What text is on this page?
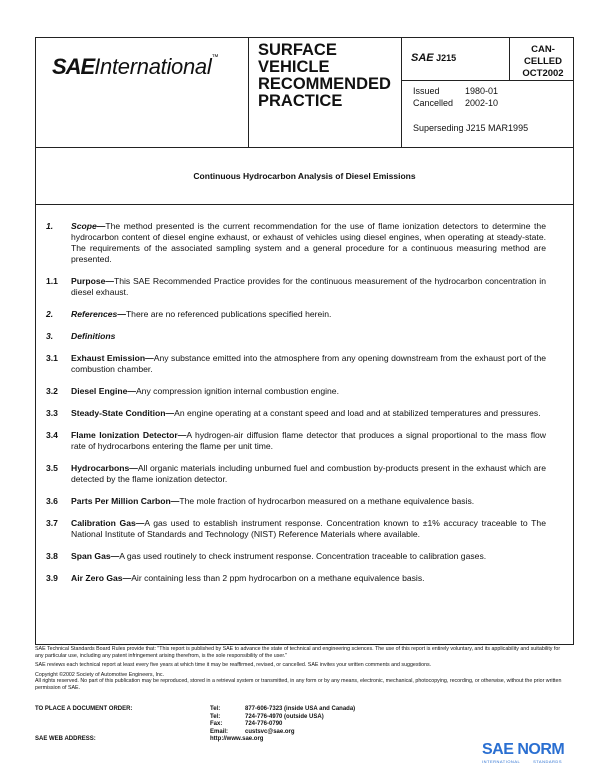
SAEInternational™ SURFACE
VEHICLE
RECOMMENDED
PRACTICE
SAE J215
CAN-
CELLED
OCT2002
Issued	1980-01
Cancelled	2002-10
Superseding J215 MAR1995
Continuous Hydrocarbon Analysis of Diesel Emissions
1. Scope—The method presented is the current recommendation for the use of flame ionization detectors to determine the hydrocarbon content of diesel engine exhaust, or exhaust of vehicles using diesel engines, when operating at steady-state. The requirements of the associated sampling system and a general procedure for a continuous measuring method are presented.
1.1 Purpose—This SAE Recommended Practice provides for the continuous measurement of the hydrocarbon concentration in diesel exhaust.
2. References—There are no referenced publications specified herein.
3. Definitions
3.1 Exhaust Emission—Any substance emitted into the atmosphere from any opening downstream from the exhaust port of the combustion chamber.
3.2 Diesel Engine—Any compression ignition internal combustion engine.
3.3 Steady-State Condition—An engine operating at a constant speed and load and at stabilized temperatures and pressures.
3.4 Flame Ionization Detector—A hydrogen-air diffusion flame detector that produces a signal proportional to the mass flow rate of hydrocarbons entering the flame per unit time.
3.5 Hydrocarbons—All organic materials including unburned fuel and combustion by-products present in the exhaust which are detected by the flame ionization detector.
3.6 Parts Per Million Carbon—The mole fraction of hydrocarbon measured on a methane equivalence basis.
3.7 Calibration Gas—A gas used to establish instrument response. Concentration known to ±1% accuracy traceable to The National Institute of Standards and Technology (NIST) Reference Materials where available.
3.8 Span Gas—A gas used routinely to check instrument response. Concentration traceable to calibration gases.
3.9 Air Zero Gas—Air containing less than 2 ppm hydrocarbon on a methane equivalence basis.

SAE Technical Standards Board Rules provide that: "This report is published by SAE to advance the state of technical and engineering sciences. The use of this report is entirely voluntary, and its applicability and suitability for any particular use, including any patent infringement arising therefrom, is the sole responsibility of the user."

SAE reviews each technical report at least every five years at which time it may be reaffirmed, revised, or cancelled. SAE invites your written comments and suggestions.

Copyright ©2002 Society of Automotive Engineers, Inc.

All rights reserved. No part of this publication may be reproduced, stored in a retrieval system or transmitted, in any form or by any means, electronic, mechanical, photocopying, recording, or otherwise, without the prior written permission of SAE.

TO PLACE A DOCUMENT ORDER:	Tel:	877-606-7323 (inside USA and Canada)
	Tel:	724-776-4970 (outside USA)
	Fax:	724-776-0790
	Email:	custsvc@sae.org
SAE WEB ADDRESS:	http://www.sae.org	
SAE NORM
INTERNATIONAL	STANDARDS
